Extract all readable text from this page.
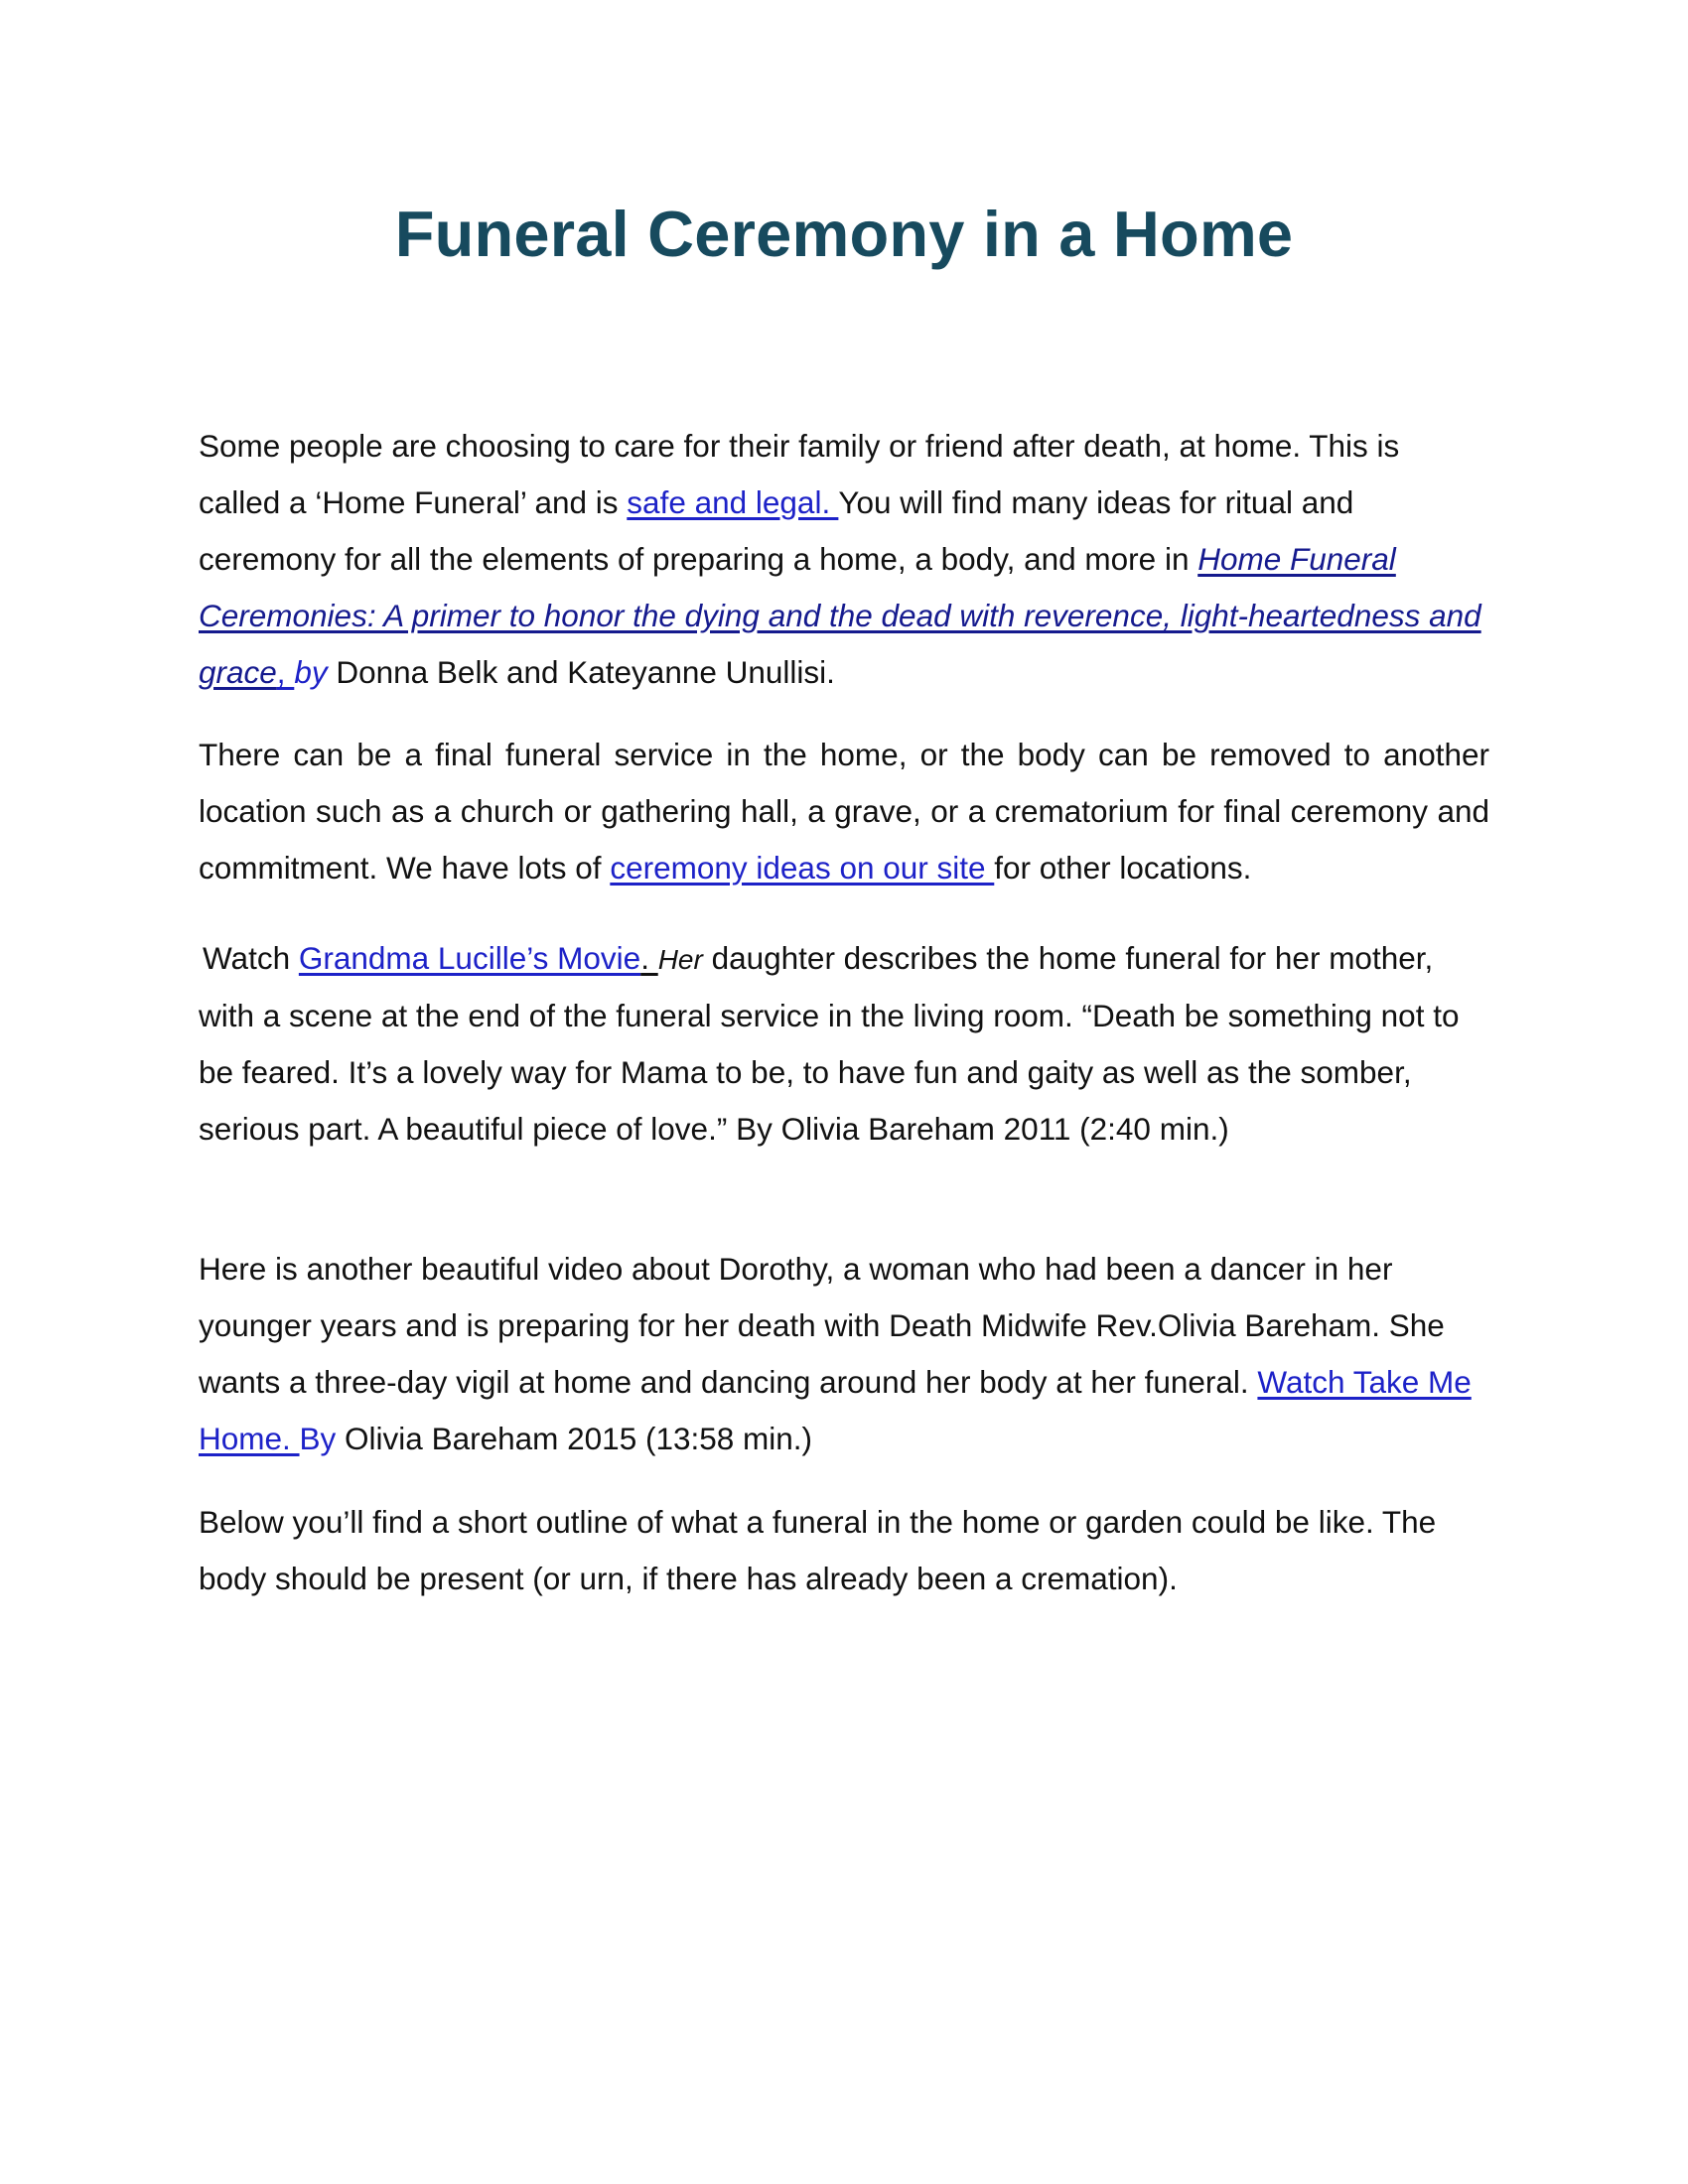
Funeral Ceremony in a Home

Some people are choosing to care for their family or friend after death, at home. This is called a ‘Home Funeral’ and is safe and legal. You will find many ideas for ritual and ceremony for all the elements of preparing a home, a body, and more in Home Funeral Ceremonies: A primer to honor the dying and the dead with reverence, light-heartedness and grace, by Donna Belk and Kateyanne Unullisi.

There can be a final funeral service in the home, or the body can be removed to another location such as a church or gathering hall, a grave, or a crematorium for final ceremony and commitment. We have lots of ceremony ideas on our site for other locations.

Watch Grandma Lucille’s Movie. Her daughter describes the home funeral for her mother, with a scene at the end of the funeral service in the living room. “Death be something not to be feared. It’s a lovely way for Mama to be, to have fun and gaity as well as the somber, serious part. A beautiful piece of love.” By Olivia Bareham 2011 (2:40 min.)

Here is another beautiful video about Dorothy, a woman who had been a dancer in her younger years and is preparing for her death with Death Midwife Rev.Olivia Bareham. She wants a three-day vigil at home and dancing around her body at her funeral. Watch Take Me Home. By Olivia Bareham 2015 (13:58 min.)

Below you’ll find a short outline of what a funeral in the home or garden could be like. The body should be present (or urn, if there has already been a cremation).
